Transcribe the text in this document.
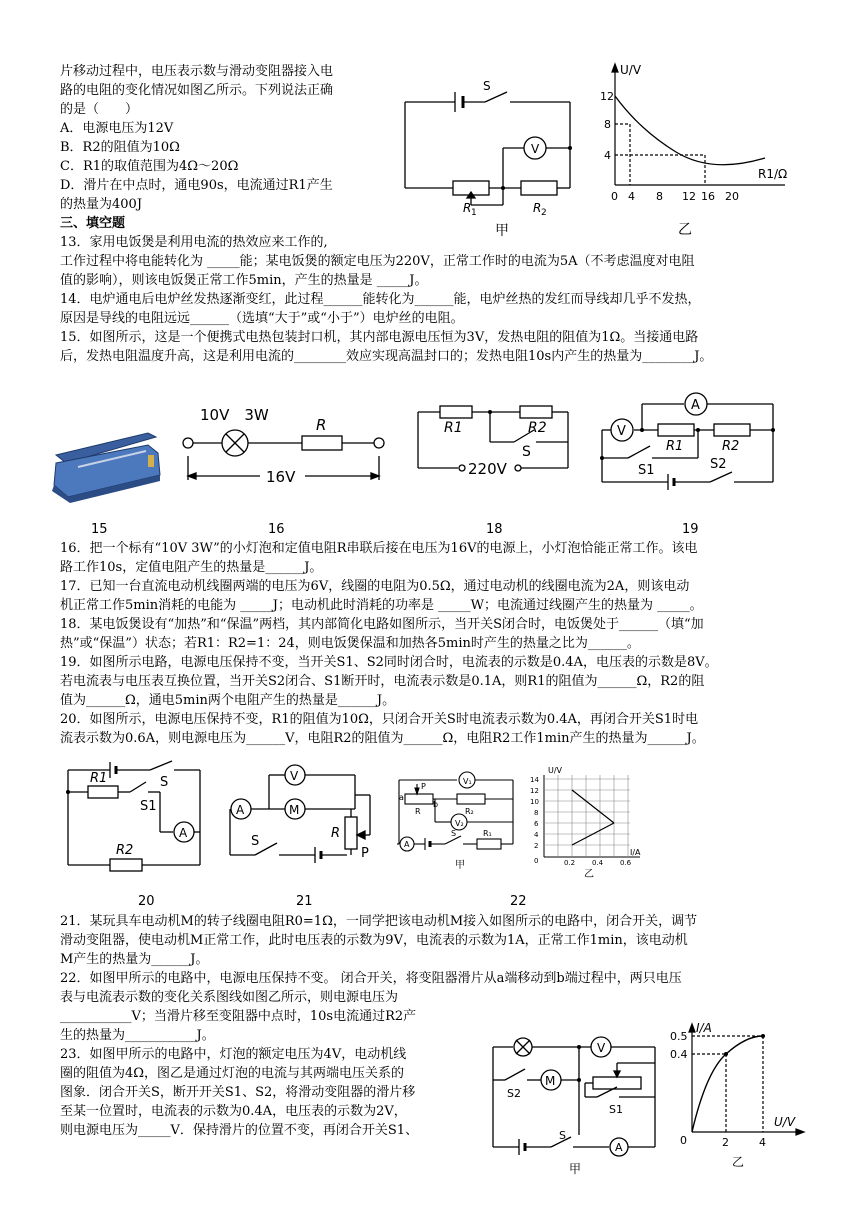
片移动过程中，电压表示数与滑动变阻器接入电
路的电阻的变化情况如图乙所示。下列说法正确
的是（　　）
A．电源电压为12V
B．R2的阻值为10Ω
C．R1的取值范围为4Ω～20Ω
D．滑片在中点时，通电90s，电流通过R1产生
的热量为400J
三、填空题
V
S
R 1	R 2
甲
U/V
R1/Ω
12
8
4
0 4 8 12 16 20
乙
13．家用电饭煲是利用电流的热效应来工作的,
工作过程中将电能转化为 _____能；某电饭煲的额定电压为220V，正常工作时的电流为5A（不考虑温度对电阻
值的影响），则该电饭煲正常工作5min，产生的热量是 _____J。
14．电炉通电后电炉丝发热逐渐变红，此过程______能转化为______能，电炉丝热的发红而导线却几乎不发热，
原因是导线的电阻远远______（选填“大于”或“小于”）电炉丝的电阻。
15．如图所示，这是一个便携式电热包装封口机，其内部电源电压恒为3V，发热电阻的阻值为1Ω。当接通电路
后，发热电阻温度升高，这是利用电流的________效应实现高温封口的；发热电阻10s内产生的热量为________J。
15
10V　3W
R
16V
16
R1	R2
S
220V
18
A
V
R1	R2
S1	S2
19
16．把一个标有“10V 3W”的小灯泡和定值电阻R串联后接在电压为16V的电源上，小灯泡恰能正常工作。该电
路工作10s，定值电阻产生的热量是______J。
17．已知一台直流电动机线圈两端的电压为6V，线圈的电阻为0.5Ω，通过电动机的线圈电流为2A，则该电动
机正常工作5min消耗的电能为 _____J；电动机此时消耗的功率是 _____W；电流通过线圈产生的热量为 _____。
18．某电饭煲设有“加热”和“保温”两档，其内部简化电路如图所示，当开关S闭合时，电饭煲处于______（填“加
热”或“保温”）状态；若R1：R2=1：24，则电饭煲保温和加热各5min时产生的热量之比为______。
19．如图所示电路，电源电压保持不变，当开关S1、S2同时闭合时，电流表的示数是0.4A，电压表的示数是8V。
若电流表与电压表互换位置，当开关S2闭合、S1断开时，电流表示数是0.1A，则R1的阻值为______Ω，R2的阻
值为______Ω，通电5min两个电阻产生的热量是______J。
20．如图所示，电源电压保持不变，R1的阻值为10Ω，只闭合开关S时电流表示数为0.4A，再闭合开关S1时电
流表示数为0.6A，则电源电压为______V，电阻R2的阻值为______Ω，电阻R2工作1min产生的热量为______J。
R1	S
S1
A
R2
20
V
A	M
R
P
S
21
V₁
V₂
A
P
a
R
b
R₂
S	R₁
甲
U/V
I/A
14
12
10
8
6
4
2
0	0.2 0.4 0.6
乙
22
21．某玩具车电动机M的转子线圈电阻R0=1Ω，一同学把该电动机M接入如图所示的电路中，闭合开关，调节
滑动变阻器，使电动机M正常工作，此时电压表的示数为9V，电流表的示数为1A，正常工作1min，该电动机
M产生的热量为______J。
22．如图甲所示的电路中，电源电压保持不变。 闭合开关，将变阻器滑片从a端移动到b端过程中，两只电压
表与电流表示数的变化关系图线如图乙所示，则电源电压为
___________V；当滑片移至变阻器中点时，10s电流通过R2产
生的热量为___________J。
23．如图甲所示的电路中，灯泡的额定电压为4V，电动机线
圈的阻值为4Ω，图乙是通过灯泡的电流与其两端电压关系的
图象．闭合开关S，断开开关S1、S2，将滑动变阻器的滑片移
至某一位置时，电流表的示数为0.4A，电压表的示数为2V，
则电源电压为_____V．保持滑片的位置不变，再闭合开关S1、
V
M
A
S
S1
S2
甲
I/A
U/V
0.5
0.4
0	2	4
乙
